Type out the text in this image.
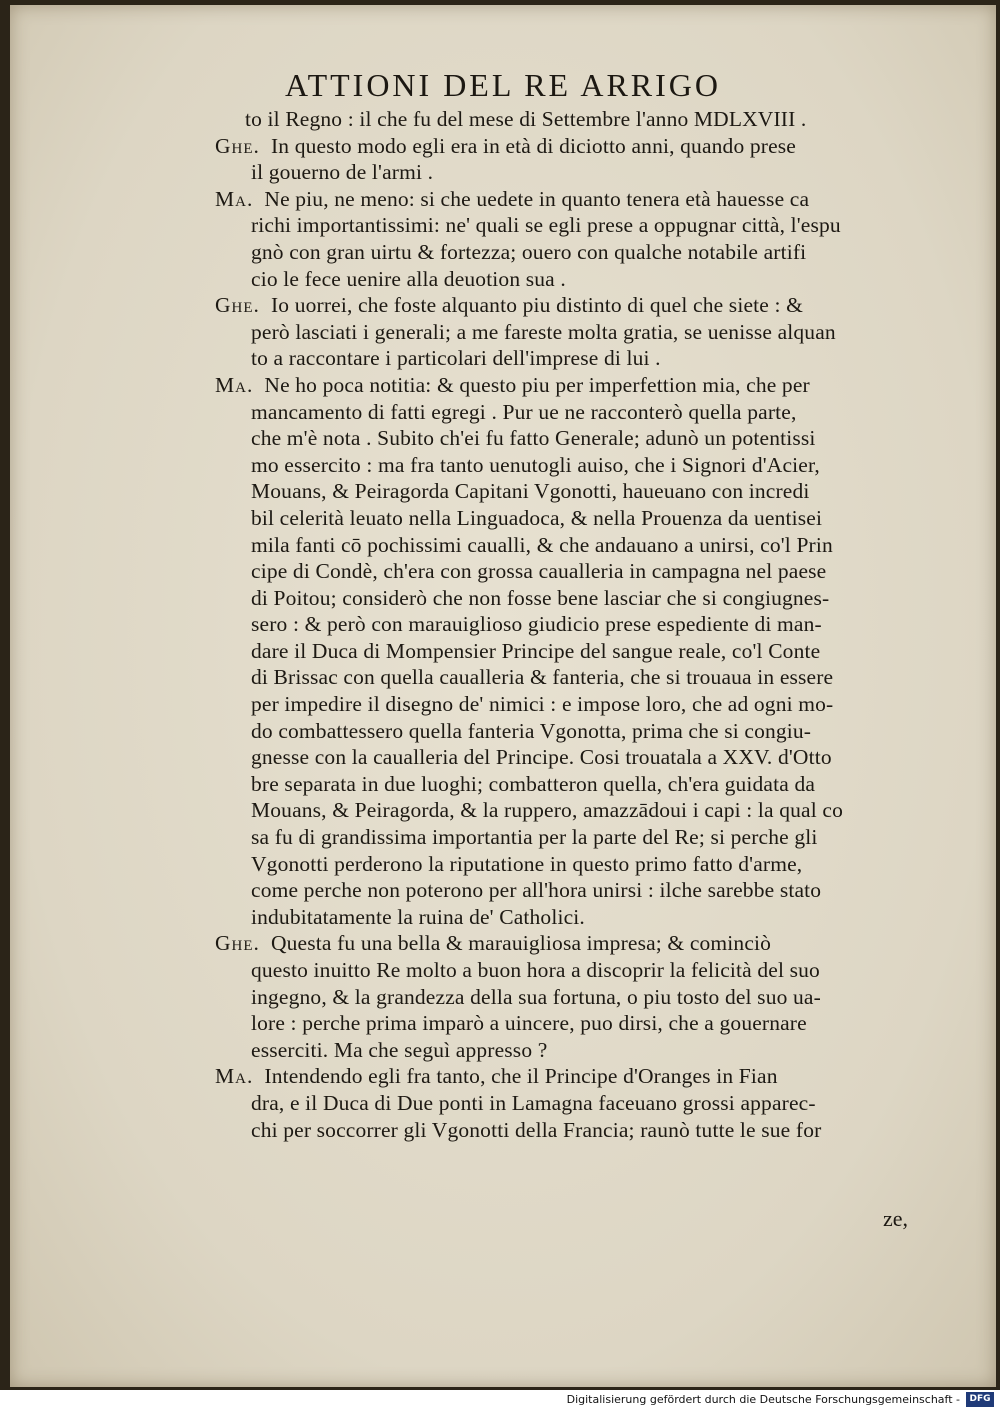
ATTIONI DEL RE ARRIGO
to il Regno : il che fu del mese di Settembre l'anno MDLXVIII .
Ghe. In questo modo egli era in età di diciotto anni, quando prese
il gouerno de l'armi .
Ma. Ne piu, ne meno: si che uedete in quanto tenera età hauesse ca
richi importantissimi: ne' quali se egli prese a oppugnar città, l'espu
gnò con gran uirtu & fortezza; ouero con qualche notabile artifi
cio le fece uenire alla deuotion sua .
Ghe. Io uorrei, che foste alquanto piu distinto di quel che siete : &
però lasciati i generali; a me fareste molta gratia, se uenisse alquan
to a raccontare i particolari dell'imprese di lui .
Ma. Ne ho poca notitia: & questo piu per imperfettion mia, che per
mancamento di fatti egregi . Pur ue ne racconterò quella parte,
che m'è nota . Subito ch'ei fu fatto Generale; adunò un potentissi
mo essercito : ma fra tanto uenutogli auiso, che i Signori d'Acier,
Mouans, & Peiragorda Capitani Vgonotti, haueuano con incredi
bil celerità leuato nella Linguadoca, & nella Prouenza da uentisei
mila fanti cō pochissimi caualli, & che andauano a unirsi, co'l Prin
cipe di Condè, ch'era con grossa caualleria in campagna nel paese
di Poitou; considerò che non fosse bene lasciar che si congiugnes-
sero : & però con marauiglioso giudicio prese espediente di man-
dare il Duca di Mompensier Principe del sangue reale, co'l Conte
di Brissac con quella caualleria & fanteria, che si trouaua in essere
per impedire il disegno de' nimici : e impose loro, che ad ogni mo-
do combattessero quella fanteria Vgonotta, prima che si congiu-
gnesse con la caualleria del Principe. Cosi trouatala a XXV. d'Otto
bre separata in due luoghi; combatteron quella, ch'era guidata da
Mouans, & Peiragorda, & la ruppero, amazzādoui i capi : la qual co
sa fu di grandissima importantia per la parte del Re; si perche gli
Vgonotti perderono la riputatione in questo primo fatto d'arme,
come perche non poterono per all'hora unirsi : ilche sarebbe stato
indubitatamente la ruina de' Catholici.
Ghe. Questa fu una bella & marauigliosa impresa; & cominciò
questo inuitto Re molto a buon hora a discoprir la felicità del suo
ingegno, & la grandezza della sua fortuna, o piu tosto del suo ua-
lore : perche prima imparò a uincere, puo dirsi, che a gouernare
esserciti. Ma che seguì appresso ?
Ma. Intendendo egli fra tanto, che il Principe d'Oranges in Fian
dra, e il Duca di Due ponti in Lamagna faceuano grossi apparec-
chi per soccorrer gli Vgonotti della Francia; raunò tutte le sue for
ze,
Digitalisierung gefördert durch die Deutsche Forschungsgemeinschaft -	DFG
